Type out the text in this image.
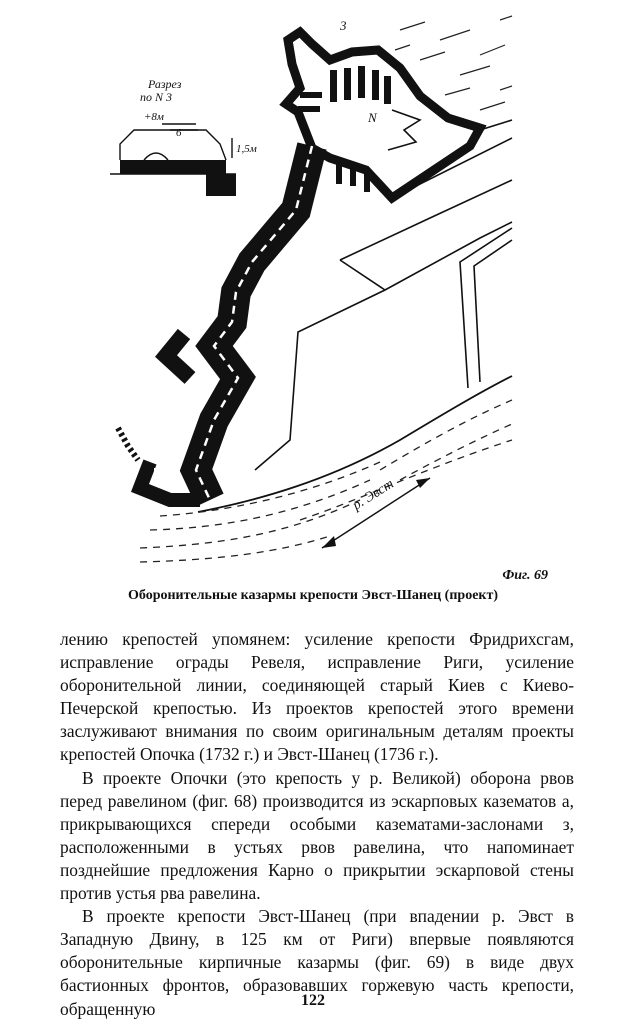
Разрез
по N 3
+8м
6
1,5м
3
N
р. Эвст
Фиг. 69
Оборонительные казармы крепости Эвст-Шанец (проект)

лению крепостей упомянем: усиление крепости Фридрихсгам, исправление ограды Ревеля, исправление Риги, усиление оборонительной линии, соединяющей старый Киев с Киево-Печерской крепостью. Из проектов крепостей этого времени заслуживают внимания по своим оригинальным деталям проекты крепостей Опочка (1732 г.) и Эвст-Шанец (1736 г.).

В проекте Опочки (это крепость у р. Великой) оборона рвов перед равелином (фиг. 68) производится из эскарповых казематов а, прикрывающихся спереди особыми казематами-заслонами з, расположенными в устьях рвов равелина, что напоминает позднейшие предложения Карно о прикрытии эскарповой стены против устья рва равелина.

В проекте крепости Эвст-Шанец (при впадении р. Эвст в Западную Двину, в 125 км от Риги) впервые появляются оборонительные кирпичные казармы (фиг. 69) в виде двух бастионных фронтов, образовавших горжевую часть крепости, обращенную	122
